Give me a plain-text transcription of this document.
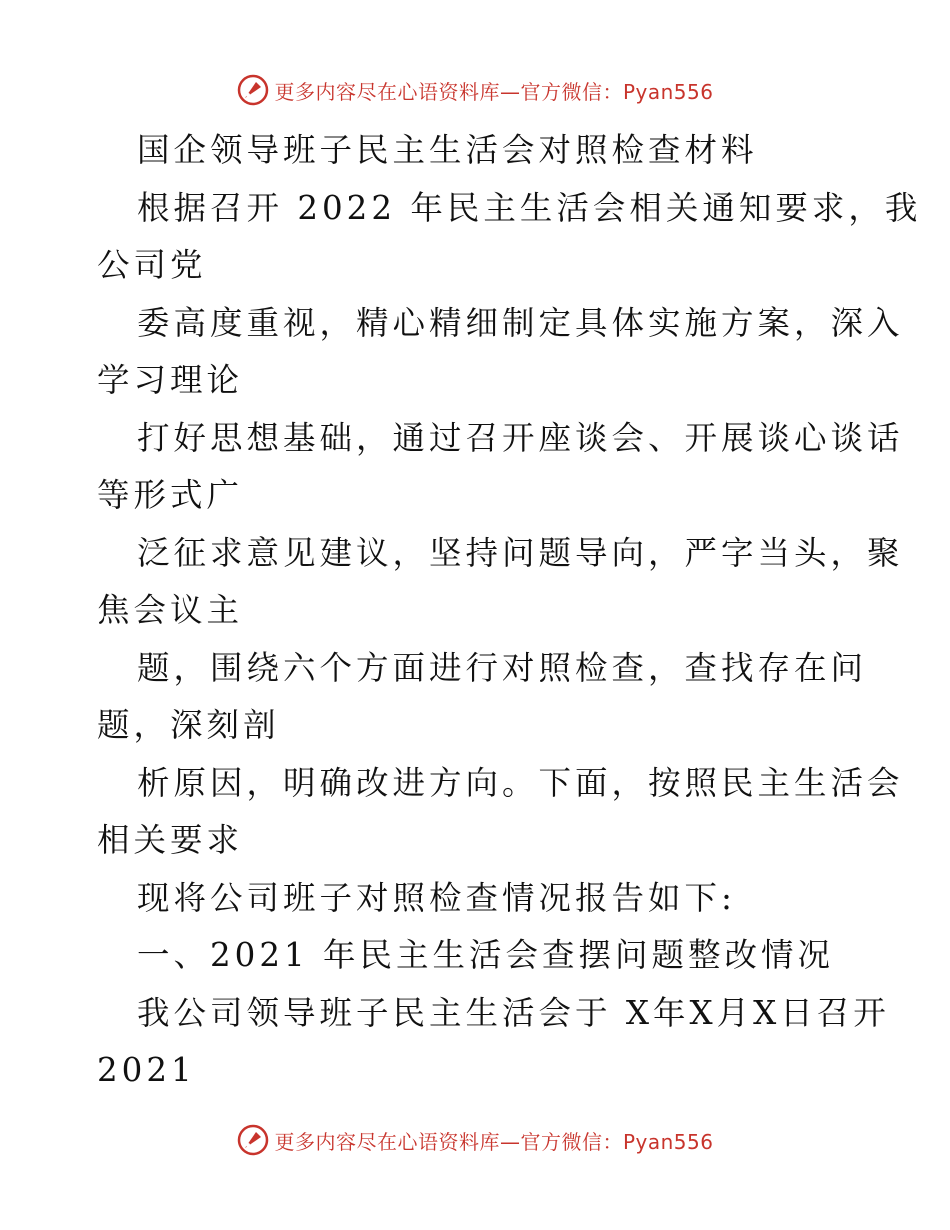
更多内容尽在心语资料库—官方微信：Pyan556
国企领导班子民主生活会对照检查材料
根据召开 2022 年民主生活会相关通知要求，我
公司党
委高度重视，精心精细制定具体实施方案，深入
学习理论
打好思想基础，通过召开座谈会、开展谈心谈话
等形式广
泛征求意见建议，坚持问题导向，严字当头，聚
焦会议主
题，围绕六个方面进行对照检查，查找存在问
题，深刻剖
析原因，明确改进方向。下面，按照民主生活会
相关要求
现将公司班子对照检查情况报告如下:
一、2021 年民主生活会查摆问题整改情况
我公司领导班子民主生活会于 X年X月X日召开
2021
更多内容尽在心语资料库—官方微信：Pyan556
